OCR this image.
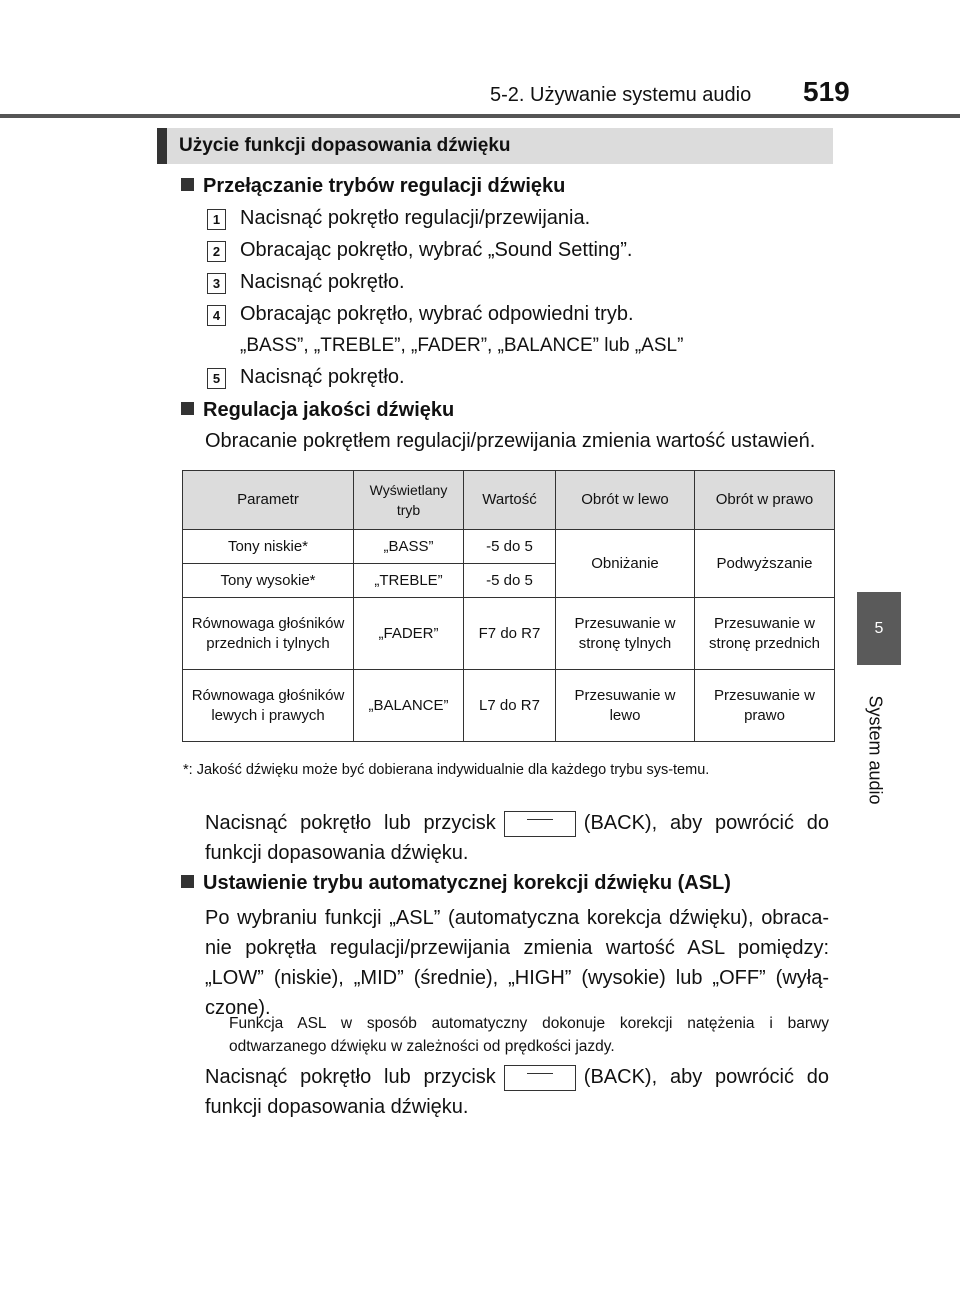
5-2. Używanie systemu audio 519
5
System audio
Użycie funkcji dopasowania dźwięku
Przełączanie trybów regulacji dźwięku
1 Nacisnąć pokrętło regulacji/przewijania.
2 Obracając pokrętło, wybrać „Sound Setting”.
3 Nacisnąć pokrętło.
4 Obracając pokrętło, wybrać odpowiedni tryb.
„BASS”, „TREBLE”, „FADER”, „BALANCE” lub „ASL”
5 Nacisnąć pokrętło.
Regulacja jakości dźwięku
Obracanie pokrętłem regulacji/przewijania zmienia wartość ustawień.
Parametr	Wyświetlany tryb	Wartość	Obrót w lewo	Obrót w prawo
Tony niskie*	„BASS”	-5 do 5	Obniżanie	Podwyższanie
Tony wysokie*	„TREBLE”	-5 do 5		
Równowaga głośników przednich i tylnych	„FADER”	F7 do R7	Przesuwanie w stronę tylnych	Przesuwanie w stronę przednich
Równowaga głośników lewych i prawych	„BALANCE”	L7 do R7	Przesuwanie w lewo	Przesuwanie w prawo
*: Jakość dźwięku może być dobierana indywidualnie dla każdego trybu sys-temu.
Nacisnąć pokrętło lub przycisk	(BACK), aby powrócić do funkcji dopasowania dźwięku.
Ustawienie trybu automatycznej korekcji dźwięku (ASL)
Po wybraniu funkcji „ASL” (automatyczna korekcja dźwięku), obraca-nie pokrętła regulacji/przewijania zmienia wartość ASL pomiędzy: „LOW” (niskie), „MID” (średnie), „HIGH” (wysokie) lub „OFF” (wyłą-czone).
Funkcja ASL w sposób automatyczny dokonuje korekcji natężenia i barwy odtwarzanego dźwięku w zależności od prędkości jazdy.
Nacisnąć pokrętło lub przycisk	(BACK), aby powrócić do funkcji dopasowania dźwięku.
